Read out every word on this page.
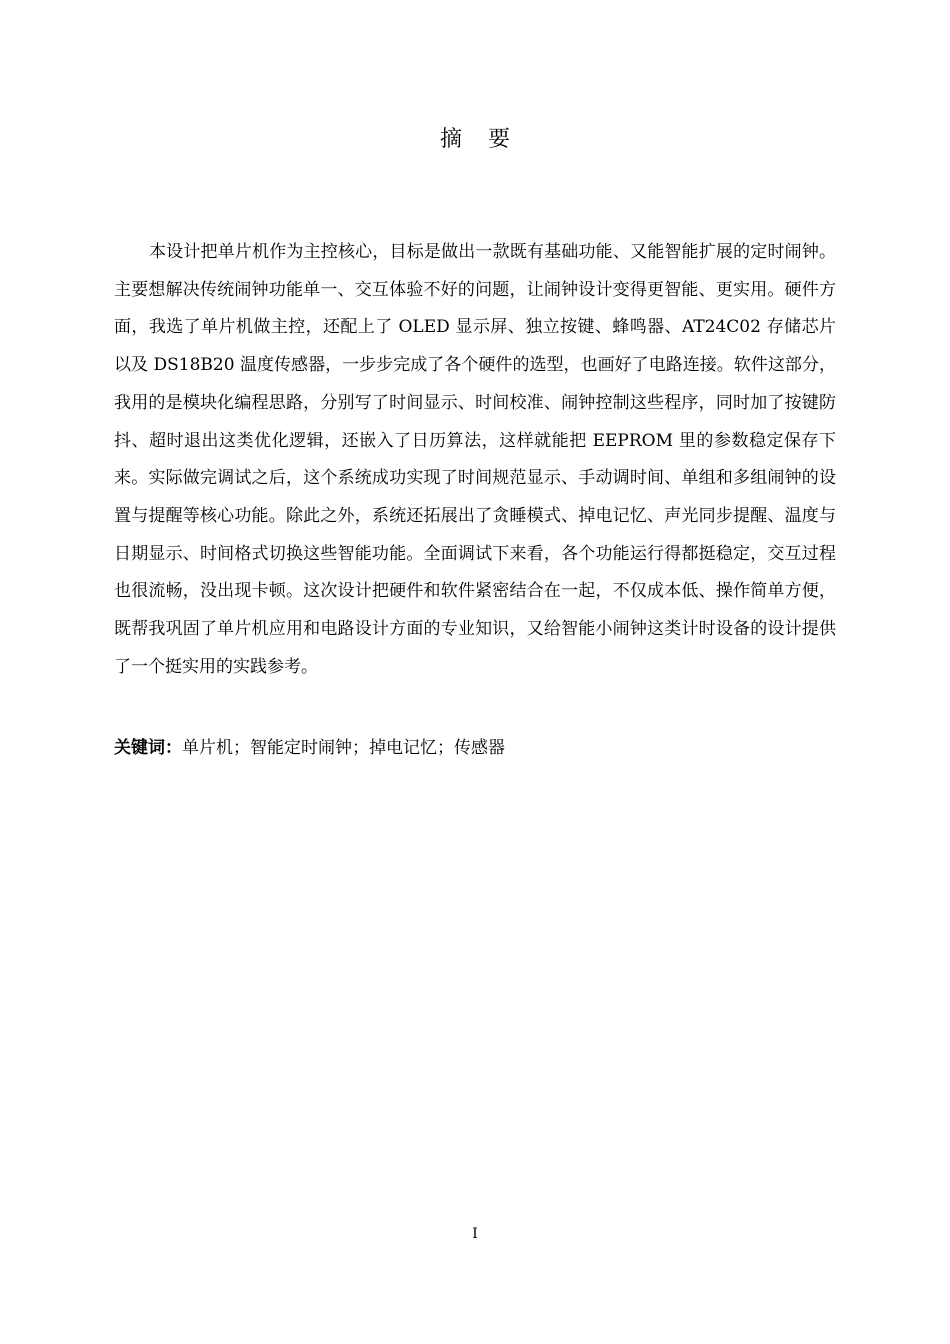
摘要

本设计把单片机作为主控核心，目标是做出一款既有基础功能、又能智能扩展的定时闹钟。主要想解决传统闹钟功能单一、交互体验不好的问题，让闹钟设计变得更智能、更实用。硬件方面，我选了单片机做主控，还配上了 OLED 显示屏、独立按键、蜂鸣器、AT24C02 存储芯片以及 DS18B20 温度传感器，一步步完成了各个硬件的选型，也画好了电路连接。软件这部分，我用的是模块化编程思路，分别写了时间显示、时间校准、闹钟控制这些程序，同时加了按键防抖、超时退出这类优化逻辑，还嵌入了日历算法，这样就能把 EEPROM 里的参数稳定保存下来。实际做完调试之后，这个系统成功实现了时间规范显示、手动调时间、单组和多组闹钟的设置与提醒等核心功能。除此之外，系统还拓展出了贪睡模式、掉电记忆、声光同步提醒、温度与日期显示、时间格式切换这些智能功能。全面调试下来看，各个功能运行得都挺稳定，交互过程也很流畅，没出现卡顿。这次设计把硬件和软件紧密结合在一起，不仅成本低、操作简单方便，既帮我巩固了单片机应用和电路设计方面的专业知识，又给智能小闹钟这类计时设备的设计提供了一个挺实用的实践参考。

关键词：单片机；智能定时闹钟；掉电记忆；传感器
I
